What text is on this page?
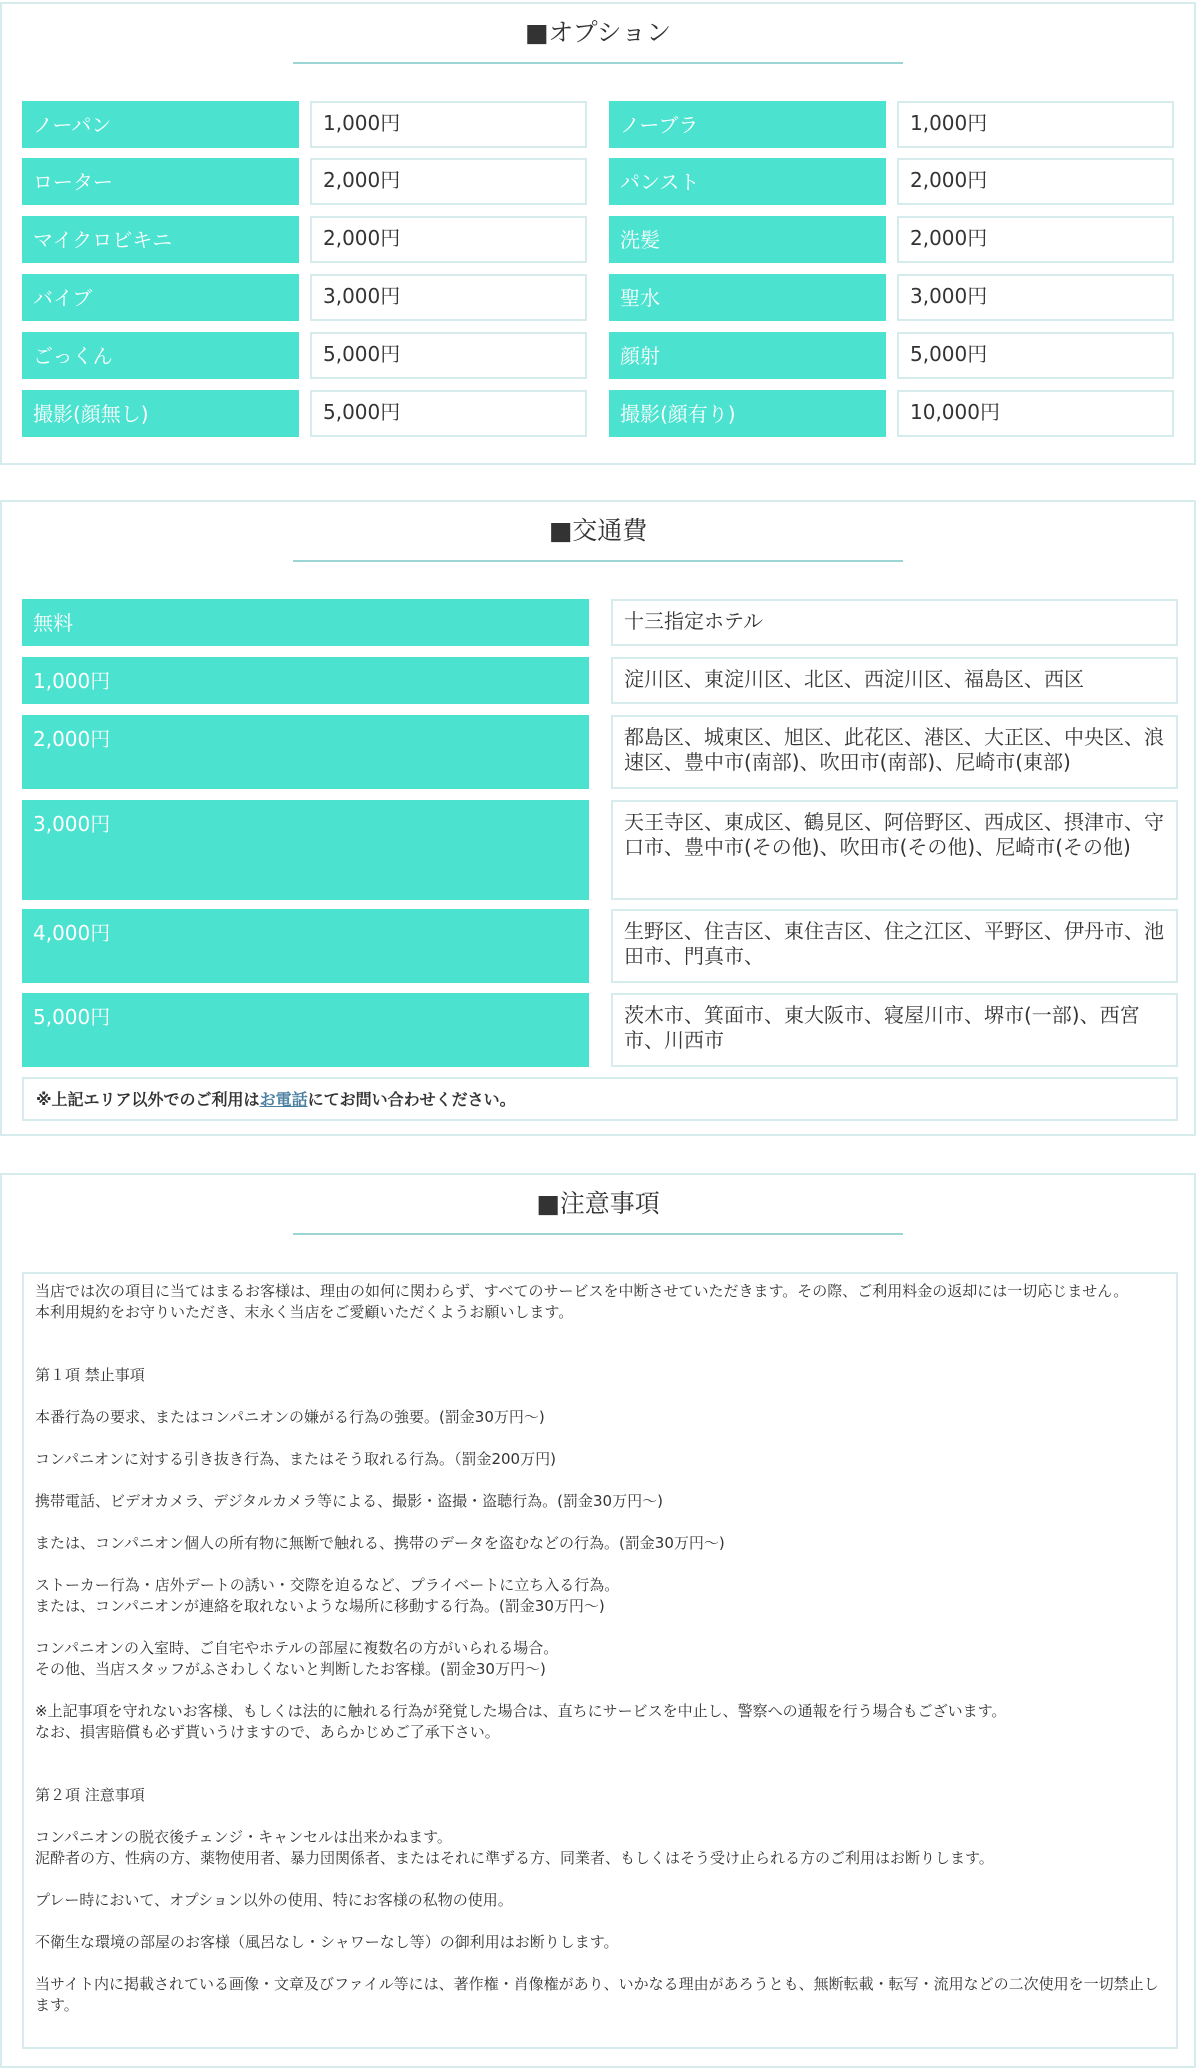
■オプション
ノーパン	1,000円	ノーブラ	1,000円
ローター	2,000円	パンスト	2,000円
マイクロビキニ	2,000円	洗髪	2,000円
バイブ	3,000円	聖水	3,000円
ごっくん	5,000円	顔射	5,000円
撮影(顔無し)	5,000円	撮影(顔有り)	10,000円
■交通費
無料	十三指定ホテル
1,000円	淀川区、東淀川区、北区、西淀川区、福島区、西区
2,000円	都島区、城東区、旭区、此花区、港区、大正区、中央区、浪速区、豊中市(南部)、吹田市(南部)、尼崎市(東部)
3,000円	天王寺区、東成区、鶴見区、阿倍野区、西成区、摂津市、守口市、豊中市(その他)、吹田市(その他)、尼崎市(その他)
4,000円	生野区、住吉区、東住吉区、住之江区、平野区、伊丹市、池田市、門真市、
5,000円	茨木市、箕面市、東大阪市、寝屋川市、堺市(一部)、西宮市、川西市
※上記エリア以外でのご利用はお電話にてお問い合わせください。
■注意事項

当店では次の項目に当てはまるお客様は、理由の如何に関わらず、すべてのサービスを中断させていただきます。その際、ご利用料金の返却には一切応じません。

本利用規約をお守りいただき、末永く当店をご愛顧いただくようお願いします。

第１項 禁止事項

本番行為の要求、またはコンパニオンの嫌がる行為の強要。(罰金30万円〜)

コンパニオンに対する引き抜き行為、またはそう取れる行為。（罰金200万円)

携帯電話、ビデオカメラ、デジタルカメラ等による、撮影・盗撮・盗聴行為。(罰金30万円〜)

または、コンパニオン個人の所有物に無断で触れる、携帯のデータを盗むなどの行為。(罰金30万円〜)

ストーカー行為・店外デートの誘い・交際を迫るなど、プライベートに立ち入る行為。

または、コンパニオンが連絡を取れないような場所に移動する行為。(罰金30万円〜)

コンパニオンの入室時、ご自宅やホテルの部屋に複数名の方がいられる場合。

その他、当店スタッフがふさわしくないと判断したお客様。(罰金30万円〜)

※上記事項を守れないお客様、もしくは法的に触れる行為が発覚した場合は、直ちにサービスを中止し、警察への通報を行う場合もございます。

なお、損害賠償も必ず貰いうけますので、あらかじめご了承下さい。

第２項 注意事項

コンパニオンの脱衣後チェンジ・キャンセルは出来かねます。

泥酔者の方、性病の方、薬物使用者、暴力団関係者、またはそれに準ずる方、同業者、もしくはそう受け止られる方のご利用はお断りします。

プレー時において、オプション以外の使用、特にお客様の私物の使用。

不衛生な環境の部屋のお客様（風呂なし・シャワーなし等）の御利用はお断りします。

当サイト内に掲載されている画像・文章及びファイル等には、著作権・肖像権があり、いかなる理由があろうとも、無断転載・転写・流用などの二次使用を一切禁止します。
